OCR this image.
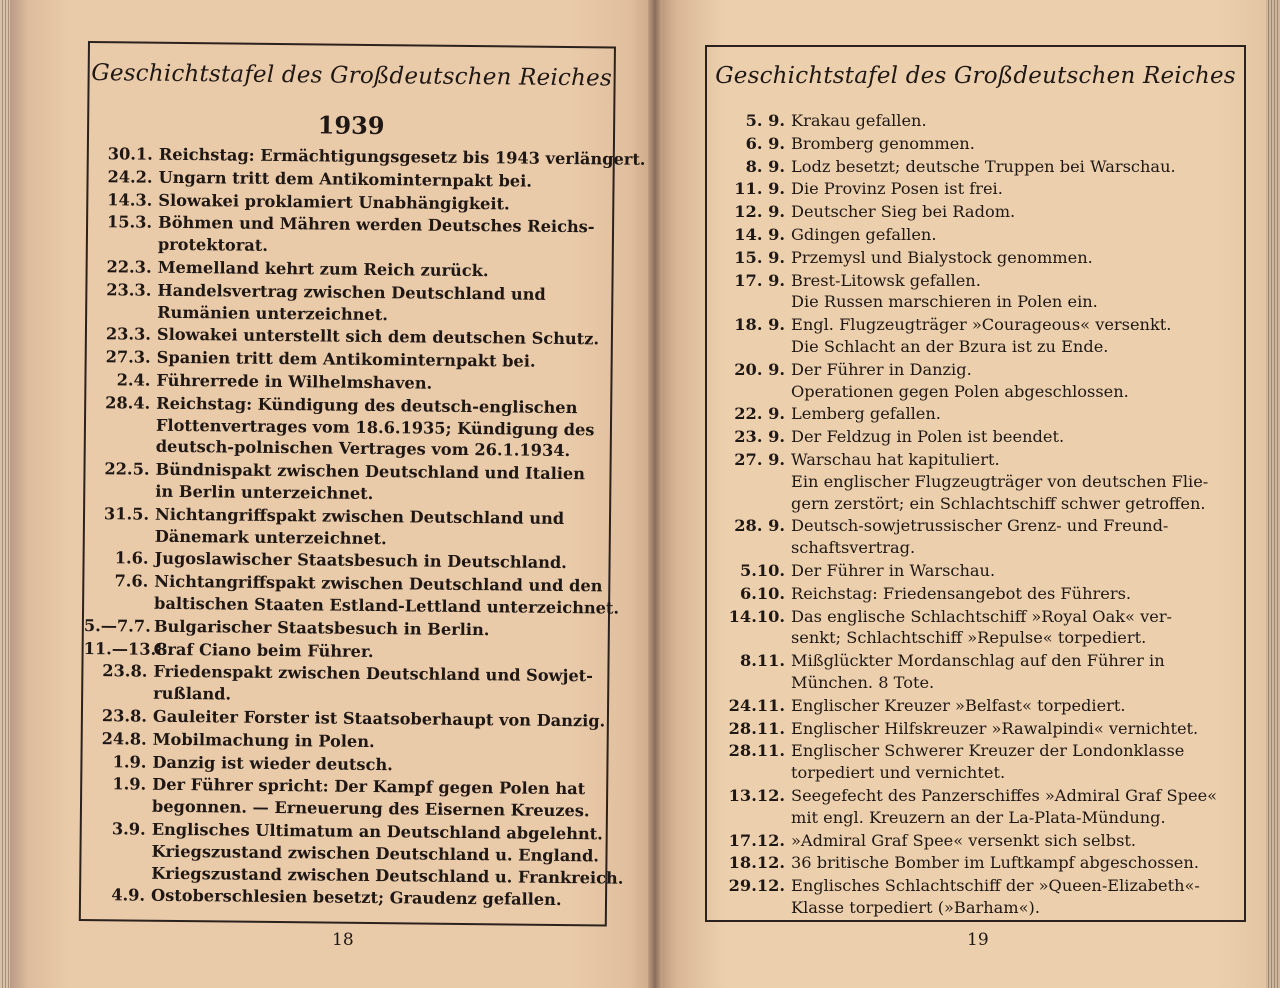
Geschichtstafel des Großdeutschen Reiches
1939
30.1. Reichstag: Ermächtigungsgesetz bis 1943 verlängert.
24.2. Ungarn tritt dem Antikominternpakt bei.
14.3. Slowakei proklamiert Unabhängigkeit.
15.3. Böhmen und Mähren werden Deutsches Reichs-
protektorat.
22.3. Memelland kehrt zum Reich zurück.
23.3. Handelsvertrag zwischen Deutschland und
Rumänien unterzeichnet.
23.3. Slowakei unterstellt sich dem deutschen Schutz.
27.3. Spanien tritt dem Antikominternpakt bei.
2.4. Führerrede in Wilhelmshaven.
28.4. Reichstag: Kündigung des deutsch-englischen
Flottenvertrages vom 18.6.1935; Kündigung des
deutsch-polnischen Vertrages vom 26.1.1934.
22.5. Bündnispakt zwischen Deutschland und Italien
in Berlin unterzeichnet.
31.5. Nichtangriffspakt zwischen Deutschland und
Dänemark unterzeichnet.
1.6. Jugoslawischer Staatsbesuch in Deutschland.
7.6. Nichtangriffspakt zwischen Deutschland und den
baltischen Staaten Estland-Lettland unterzeichnet.
5.—7.7. Bulgarischer Staatsbesuch in Berlin.
11.—13.8.
Graf Ciano beim Führer.
23.8. Friedenspakt zwischen Deutschland und Sowjet-
rußland.
23.8. Gauleiter Forster ist Staatsoberhaupt von Danzig.
24.8. Mobilmachung in Polen.
1.9. Danzig ist wieder deutsch.
1.9. Der Führer spricht: Der Kampf gegen Polen hat
begonnen. — Erneuerung des Eisernen Kreuzes.
3.9. Englisches Ultimatum an Deutschland abgelehnt.
Kriegszustand zwischen Deutschland u. England.
Kriegszustand zwischen Deutschland u. Frankreich.
4.9. Ostoberschlesien besetzt; Graudenz gefallen.
18
Geschichtstafel des Großdeutschen Reiches
5. 9. Krakau gefallen.
6. 9. Bromberg genommen.
8. 9. Lodz besetzt; deutsche Truppen bei Warschau.
11. 9. Die Provinz Posen ist frei.
12. 9. Deutscher Sieg bei Radom.
14. 9. Gdingen gefallen.
15. 9. Przemysl und Bialystock genommen.
17. 9. Brest-Litowsk gefallen.
Die Russen marschieren in Polen ein.
18. 9. Engl. Flugzeugträger »Courageous« versenkt.
Die Schlacht an der Bzura ist zu Ende.
20. 9. Der Führer in Danzig.
Operationen gegen Polen abgeschlossen.
22. 9. Lemberg gefallen.
23. 9. Der Feldzug in Polen ist beendet.
27. 9. Warschau hat kapituliert.
Ein englischer Flugzeugträger von deutschen Flie-
gern zerstört; ein Schlachtschiff schwer getroffen.
28. 9. Deutsch-sowjetrussischer Grenz- und Freund-
schaftsvertrag.
5.10. Der Führer in Warschau.
6.10. Reichstag: Friedensangebot des Führers.
14.10. Das englische Schlachtschiff »Royal Oak« ver-
senkt; Schlachtschiff »Repulse« torpediert.
8.11. Mißglückter Mordanschlag auf den Führer in
München. 8 Tote.
24.11. Englischer Kreuzer »Belfast« torpediert.
28.11. Englischer Hilfskreuzer »Rawalpindi« vernichtet.
28.11. Englischer Schwerer Kreuzer der Londonklasse
torpediert und vernichtet.
13.12. Seegefecht des Panzerschiffes »Admiral Graf Spee«
mit engl. Kreuzern an der La-Plata-Mündung.
17.12. »Admiral Graf Spee« versenkt sich selbst.
18.12. 36 britische Bomber im Luftkampf abgeschossen.
29.12. Englisches Schlachtschiff der »Queen-Elizabeth«-
Klasse torpediert (»Barham«).
19
